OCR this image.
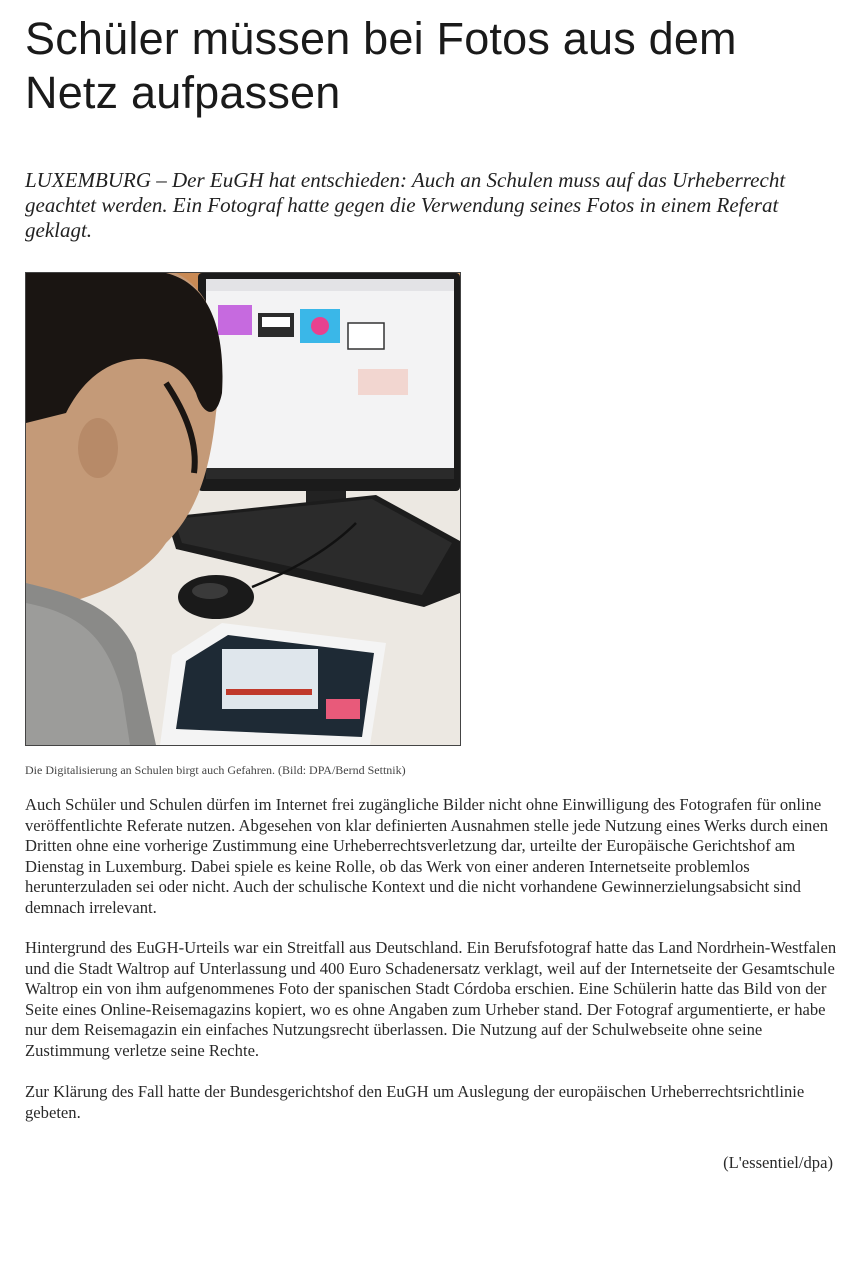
Schüler müssen bei Fotos aus dem Netz aufpassen

LUXEMBURG – Der EuGH hat entschieden: Auch an Schulen muss auf das Urheberrecht geachtet werden. Ein Fotograf hatte gegen die Verwendung seines Fotos in einem Referat geklagt.

Die Digitalisierung an Schulen birgt auch Gefahren. (Bild: DPA/Bernd Settnik)

Auch Schüler und Schulen dürfen im Internet frei zugängliche Bilder nicht ohne Einwilligung des Fotografen für online veröffentlichte Referate nutzen. Abgesehen von klar definierten Ausnahmen stelle jede Nutzung eines Werks durch einen Dritten ohne eine vorherige Zustimmung eine Urheberrechtsverletzung dar, urteilte der Europäische Gerichtshof am Dienstag in Luxemburg. Dabei spiele es keine Rolle, ob das Werk von einer anderen Internetseite problemlos herunterzuladen sei oder nicht. Auch der schulische Kontext und die nicht vorhandene Gewinnerzielungsabsicht sind demnach irrelevant.

Hintergrund des EuGH-Urteils war ein Streitfall aus Deutschland. Ein Berufsfotograf hatte das Land Nordrhein-Westfalen und die Stadt Waltrop auf Unterlassung und 400 Euro Schadenersatz verklagt, weil auf der Internetseite der Gesamtschule Waltrop ein von ihm aufgenommenes Foto der spanischen Stadt Córdoba erschien. Eine Schülerin hatte das Bild von der Seite eines Online-Reisemagazins kopiert, wo es ohne Angaben zum Urheber stand. Der Fotograf argumentierte, er habe nur dem Reisemagazin ein einfaches Nutzungsrecht überlassen. Die Nutzung auf der Schulwebseite ohne seine Zustimmung verletze seine Rechte.

Zur Klärung des Fall hatte der Bundesgerichtshof den EuGH um Auslegung der europäischen Urheberrechtsrichtlinie gebeten.

(L'essentiel/dpa)
